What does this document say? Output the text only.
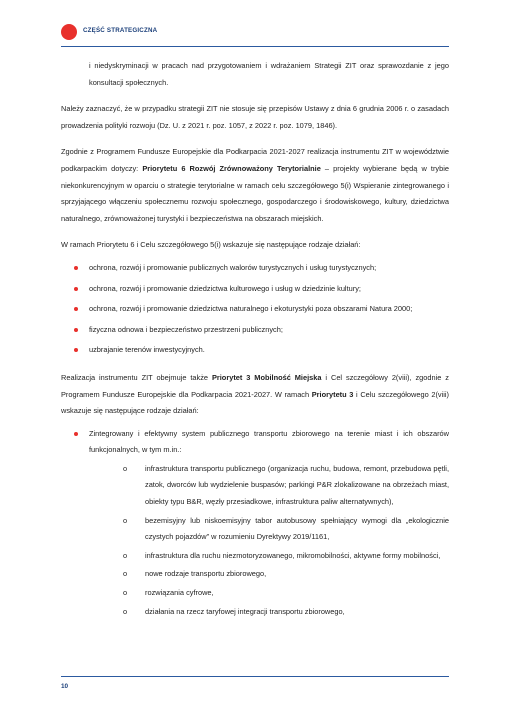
CZĘŚĆ STRATEGICZNA

i niedyskryminacji w pracach nad przygotowaniem i wdrażaniem Strategii ZIT oraz sprawozdanie z jego konsultacji społecznych.

Należy zaznaczyć, że w przypadku strategii ZIT nie stosuje się przepisów Ustawy z dnia 6 grudnia 2006 r. o zasadach prowadzenia polityki rozwoju (Dz. U. z 2021 r. poz. 1057, z 2022 r. poz. 1079, 1846).

Zgodnie z Programem Fundusze Europejskie dla Podkarpacia 2021-2027 realizacja instrumentu ZIT w województwie podkarpackim dotyczy: Priorytetu 6 Rozwój Zrównoważony Terytorialnie – projekty wybierane będą w trybie niekonkurencyjnym w oparciu o strategie terytorialne w ramach celu szczegółowego 5(i) Wspieranie zintegrowanego i sprzyjającego włączeniu społecznemu rozwoju społecznego, gospodarczego i środowiskowego, kultury, dziedzictwa naturalnego, zrównoważonej turystyki i bezpieczeństwa na obszarach miejskich.

W ramach Priorytetu 6 i Celu szczegółowego 5(i) wskazuje się następujące rodzaje działań:

ochrona, rozwój i promowanie publicznych walorów turystycznych i usług turystycznych;
ochrona, rozwój i promowanie dziedzictwa kulturowego i usług w dziedzinie kultury;
ochrona, rozwój i promowanie dziedzictwa naturalnego i ekoturystyki poza obszarami Natura 2000;
fizyczna odnowa i bezpieczeństwo przestrzeni publicznych;
uzbrajanie terenów inwestycyjnych.

Realizacja instrumentu ZIT obejmuje także Priorytet 3 Mobilność Miejska i Cel szczegółowy 2(viii), zgodnie z Programem Fundusze Europejskie dla Podkarpacia 2021-2027. W ramach Priorytetu 3 i Celu szczegółowego 2(viii) wskazuje się następujące rodzaje działań:

Zintegrowany i efektywny system publicznego transportu zbiorowego na terenie miast i ich obszarów funkcjonalnych, w tym m.in.:
o infrastruktura transportu publicznego (organizacja ruchu, budowa, remont, przebudowa pętli, zatok, dworców lub wydzielenie buspasów; parkingi P&R zlokalizowane na obrzeżach miast, obiekty typu B&R, węzły przesiadkowe, infrastruktura paliw alternatywnych),
o bezemisyjny lub niskoemisyjny tabor autobusowy spełniający wymogi dla „ekologicznie czystych pojazdów” w rozumieniu Dyrektywy 2019/1161,
o infrastruktura dla ruchu niezmotoryzowanego, mikromobilności, aktywne formy mobilności,
o nowe rodzaje transportu zbiorowego,
o rozwiązania cyfrowe,
o działania na rzecz taryfowej integracji transportu zbiorowego,
10
